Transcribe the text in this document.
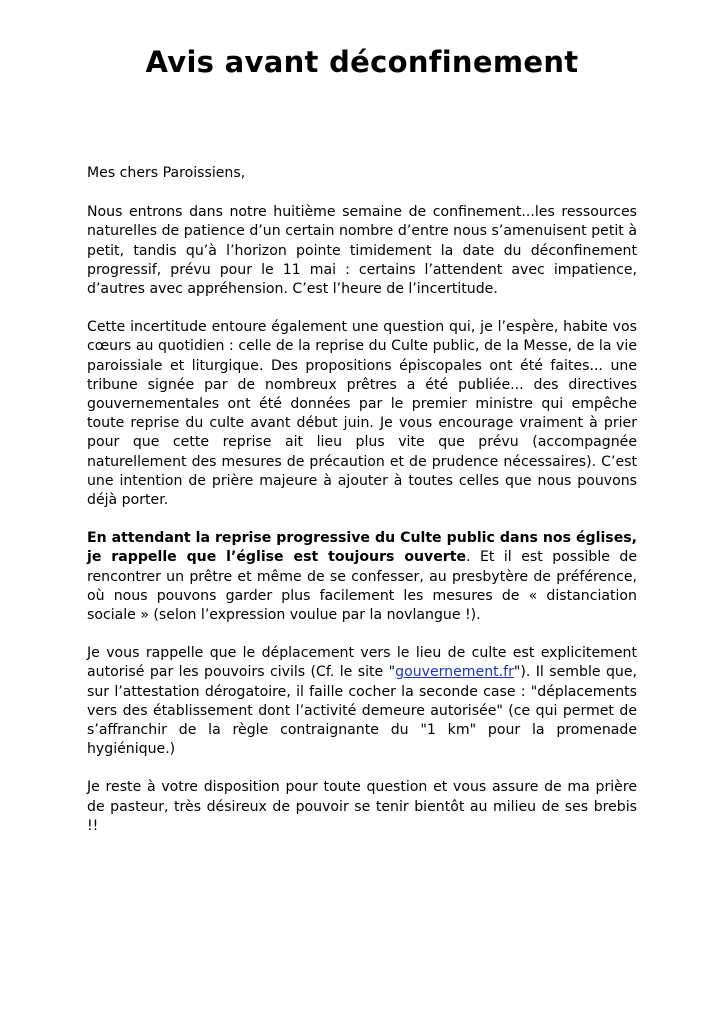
Avis avant déconfinement

Mes chers Paroissiens,

Nous entrons dans notre huitième semaine de confinement...les ressources naturelles de patience d’un certain nombre d’entre nous s’amenuisent petit à petit, tandis qu’à l’horizon pointe timidement la date du déconfinement progressif, prévu pour le 11 mai : certains l’attendent avec impatience, d’autres avec appréhension. C’est l’heure de l’incertitude.

Cette incertitude entoure également une question qui, je l’espère, habite vos cœurs au quotidien : celle de la reprise du Culte public, de la Messe, de la vie paroissiale et liturgique. Des propositions épiscopales ont été faites... une tribune signée par de nombreux prêtres a été publiée... des directives gouvernementales ont été données par le premier ministre qui empêche toute reprise du culte avant début juin. Je vous encourage vraiment à prier pour que cette reprise ait lieu plus vite que prévu (accompagnée naturellement des mesures de précaution et de prudence nécessaires). C’est une intention de prière majeure à ajouter à toutes celles que nous pouvons déjà porter.

En attendant la reprise progressive du Culte public dans nos églises, je rappelle que l’église est toujours ouverte. Et il est possible de rencontrer un prêtre et même de se confesser, au presbytère de préférence, où nous pouvons garder plus facilement les mesures de « distanciation sociale » (selon l’expression voulue par la novlangue !).

Je vous rappelle que le déplacement vers le lieu de culte est explicitement autorisé par les pouvoirs civils (Cf. le site "gouvernement.fr"). Il semble que, sur l’attestation dérogatoire, il faille cocher la seconde case : "déplacements vers des établissement dont l’activité demeure autorisée" (ce qui permet de s’affranchir de la règle contraignante du "1 km" pour la promenade hygiénique.)

Je reste à votre disposition pour toute question et vous assure de ma prière de pasteur, très désireux de pouvoir se tenir bientôt au milieu de ses brebis !!
